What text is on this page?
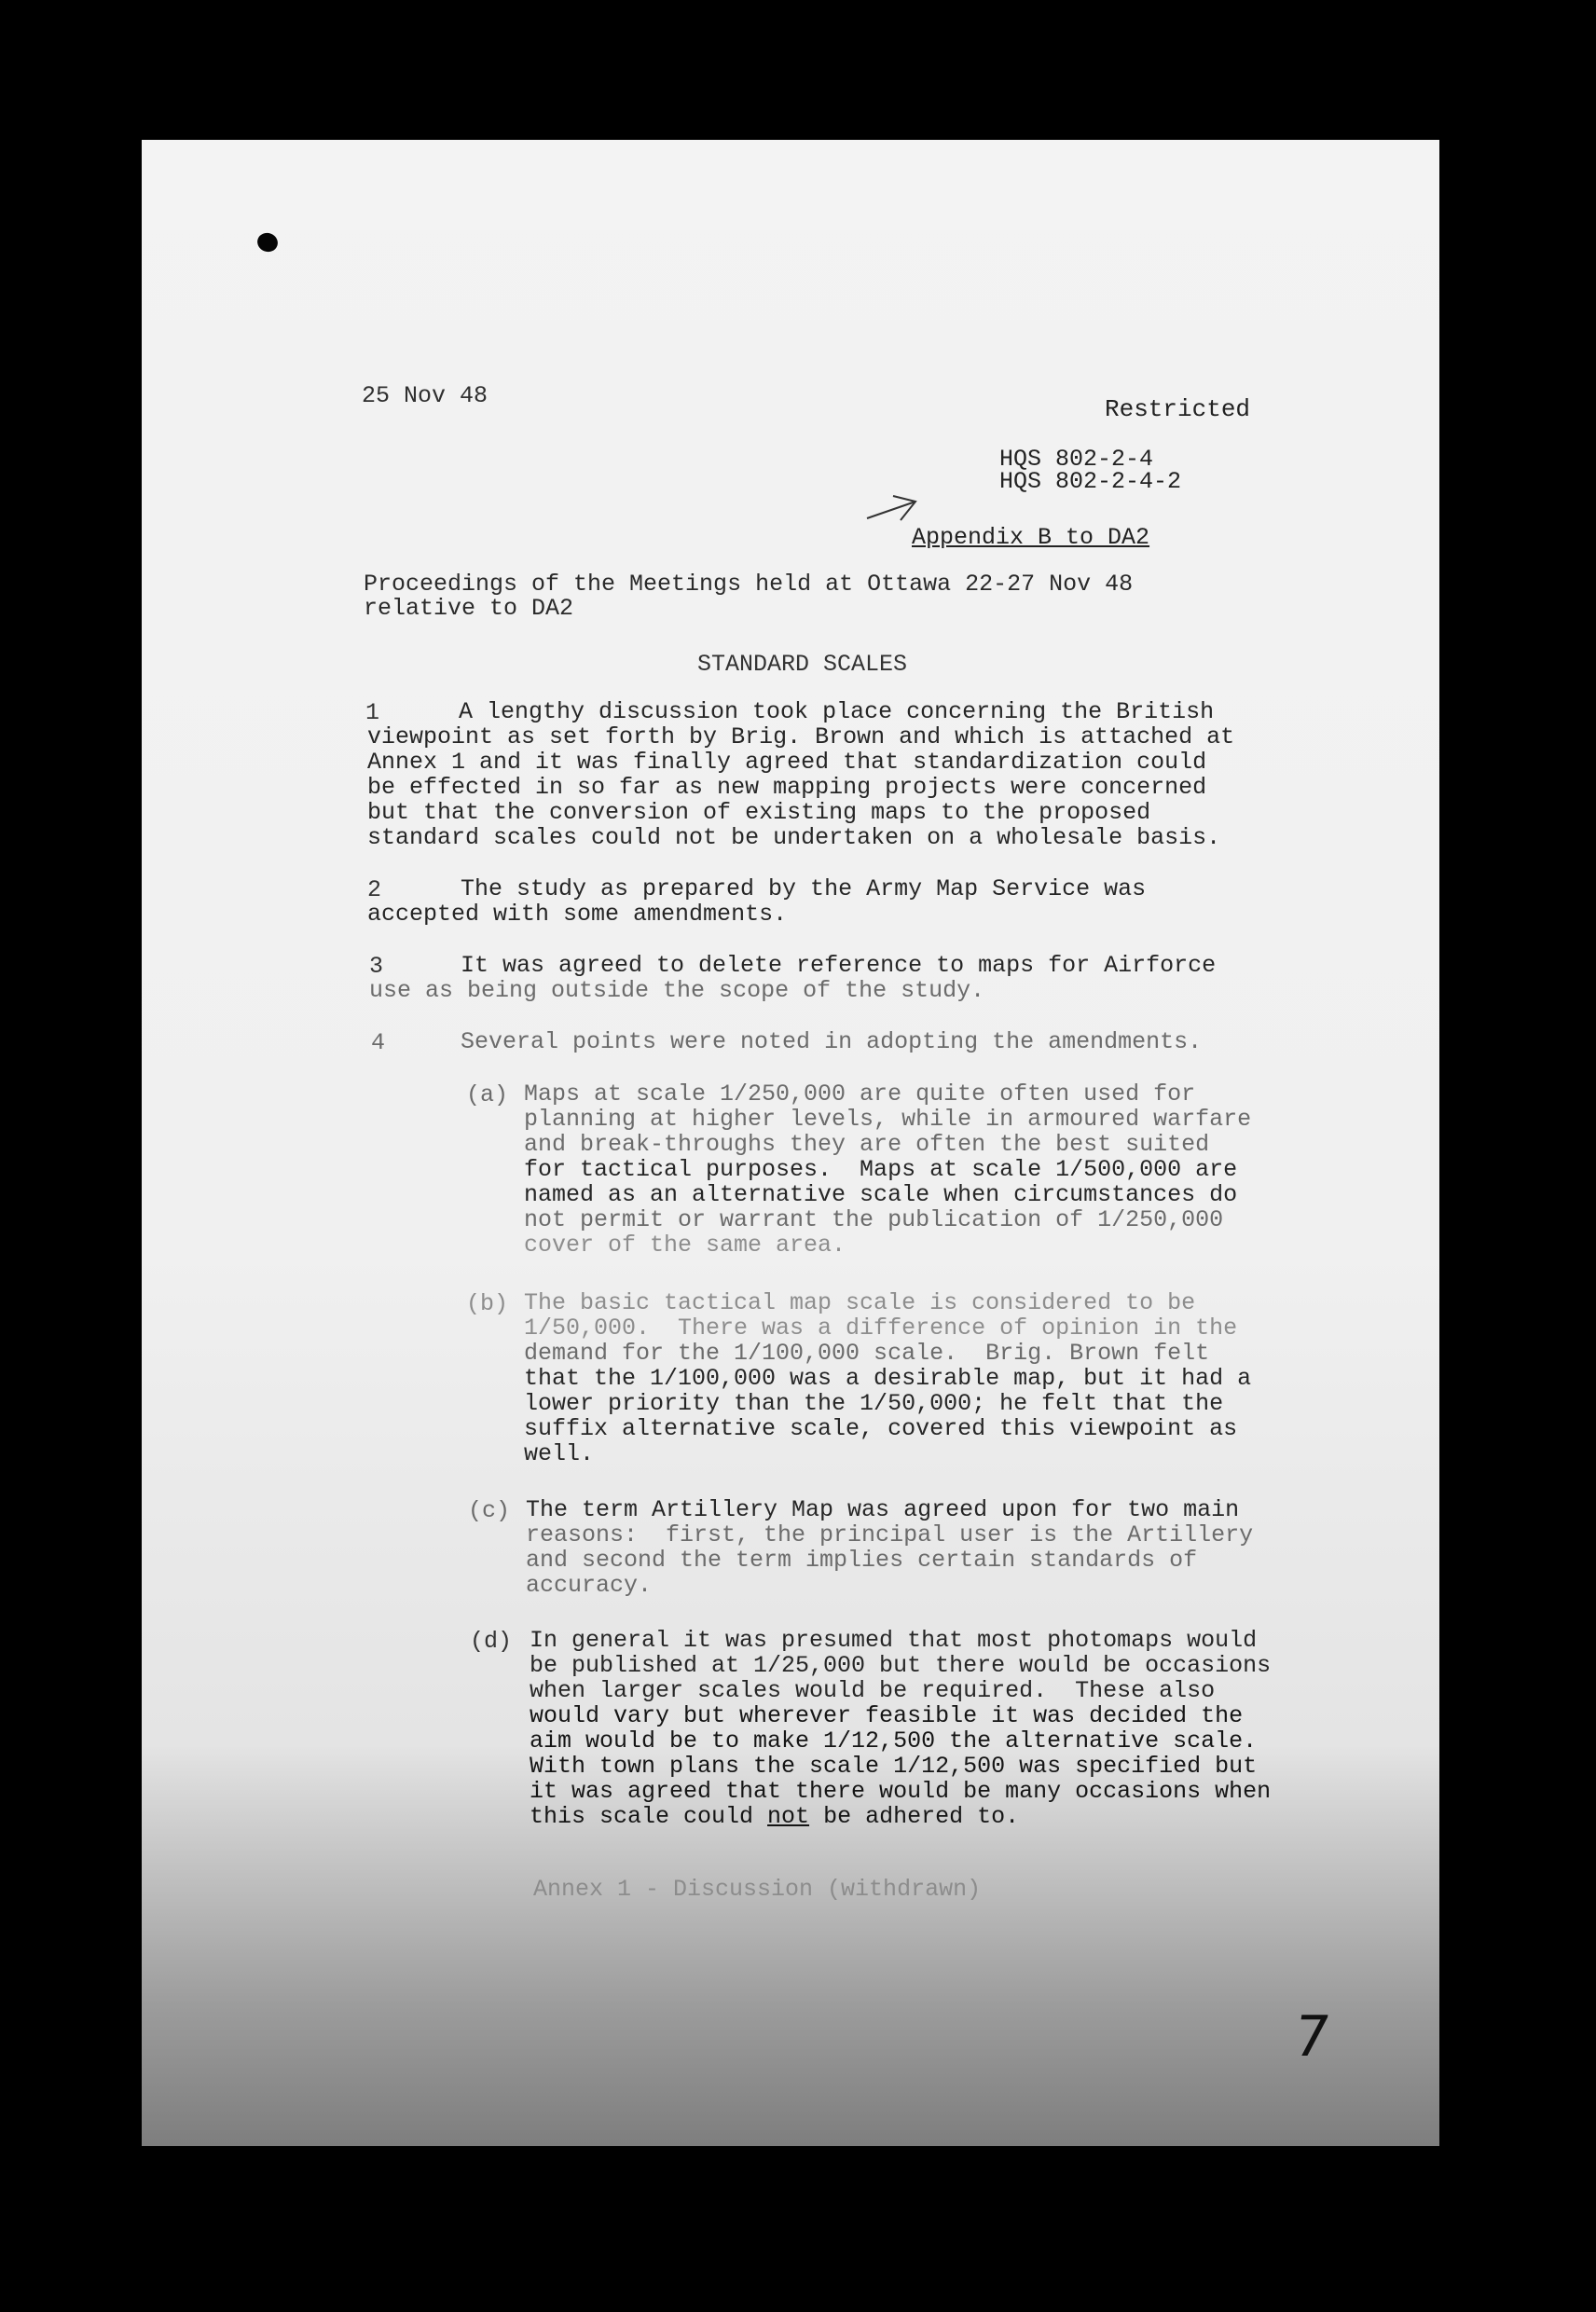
25 Nov 48	Restricted
HQS 802-2-4
HQS 802-2-4-2
Appendix B to DA2
Proceedings of the Meetings held at Ottawa 22-27 Nov 48
relative to DA2
STANDARD SCALES
1	A lengthy discussion took place concerning the British
viewpoint as set forth by Brig. Brown and which is attached at
Annex 1 and it was finally agreed that standardization could
be effected in so far as new mapping projects were concerned
but that the conversion of existing maps to the proposed
standard scales could not be undertaken on a wholesale basis.
2	The study as prepared by the Army Map Service was
accepted with some amendments.
3	It was agreed to delete reference to maps for Airforce
use as being outside the scope of the study.
4	Several points were noted in adopting the amendments.
(a) Maps at scale 1/250,000 are quite often used for
planning at higher levels, while in armoured warfare
and break-throughs they are often the best suited
for tactical purposes.  Maps at scale 1/500,000 are
named as an alternative scale when circumstances do
not permit or warrant the publication of 1/250,000
cover of the same area.
(b) The basic tactical map scale is considered to be
1/50,000.  There was a difference of opinion in the
demand for the 1/100,000 scale.  Brig. Brown felt
that the 1/100,000 was a desirable map, but it had a
lower priority than the 1/50,000; he felt that the
suffix alternative scale, covered this viewpoint as
well.
(c) The term Artillery Map was agreed upon for two main
reasons:  first, the principal user is the Artillery
and second the term implies certain standards of
accuracy.
(d) In general it was presumed that most photomaps would
be published at 1/25,000 but there would be occasions
when larger scales would be required.  These also
would vary but wherever feasible it was decided the
aim would be to make 1/12,500 the alternative scale.
With town plans the scale 1/12,500 was specified but
it was agreed that there would be many occasions when
this scale could not be adhered to.
Annex 1 - Discussion (withdrawn)
7
